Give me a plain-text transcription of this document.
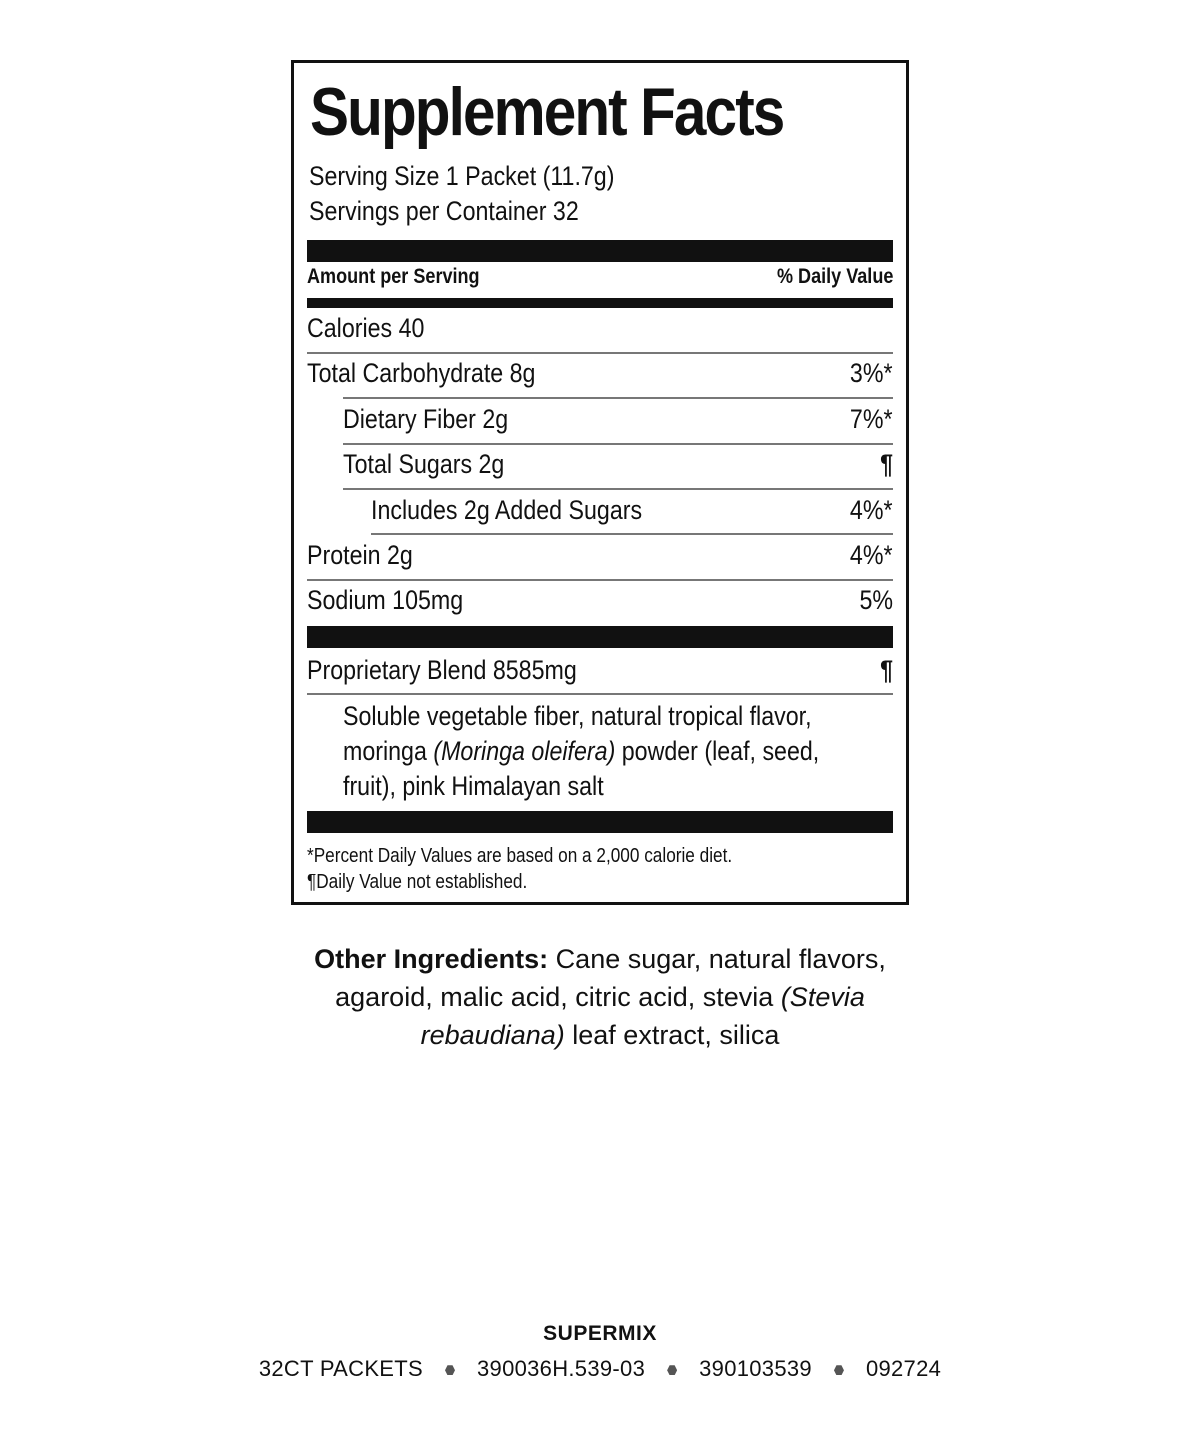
Supplement Facts
Serving Size 1 Packet (11.7g)
Servings per Container 32
Amount per Serving	% Daily Value
Calories 40
Total Carbohydrate 8g	3%*
Dietary Fiber 2g	7%*
Total Sugars 2g	¶
Includes 2g Added Sugars	4%*
Protein 2g	4%*
Sodium 105mg	5%
Proprietary Blend 8585mg	¶
Soluble vegetable fiber, natural tropical flavor,
moringa (Moringa oleifera) powder (leaf, seed,
fruit), pink Himalayan salt
*Percent Daily Values are based on a 2,000 calorie diet.
¶Daily Value not established.
Other Ingredients: Cane sugar, natural flavors,
agaroid, malic acid, citric acid, stevia (Stevia
rebaudiana) leaf extract, silica
SUPERMIX
32CT PACKETS 390036H.539-03 390103539 092724
